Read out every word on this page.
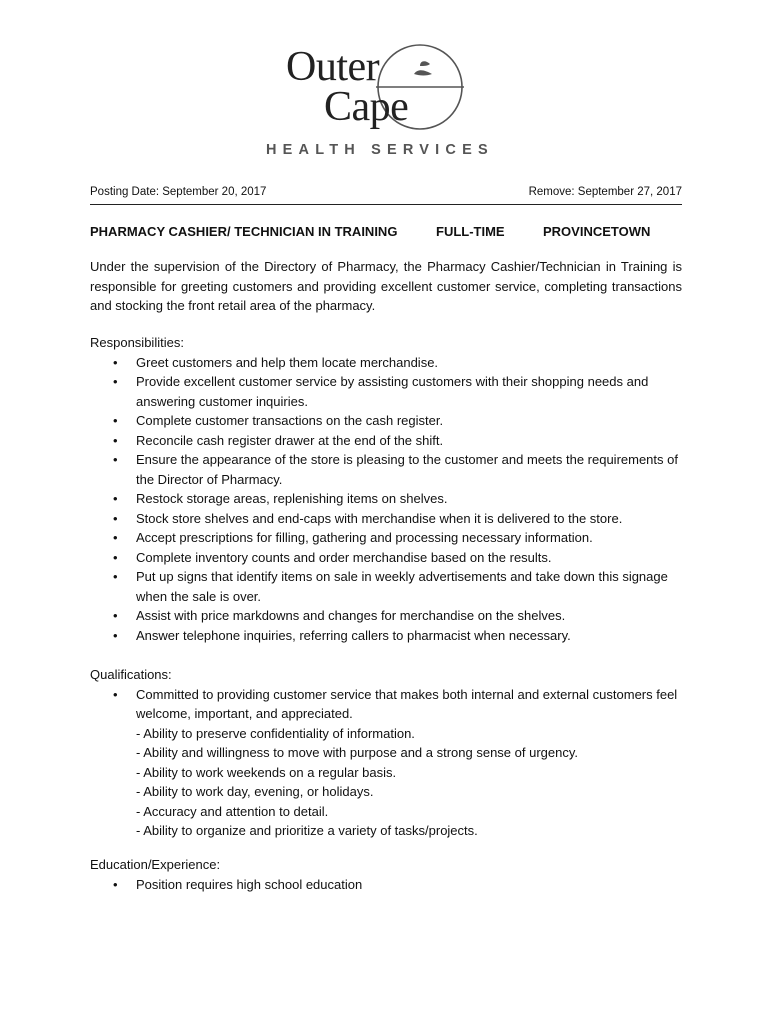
Outer
Cape
HEALTH SERVICES
Posting Date: September 20, 2017	Remove: September 27, 2017
PHARMACY CASHIER/ TECHNICIAN IN TRAINING	FULL-TIME	PROVINCETOWN

Under the supervision of the Directory of Pharmacy, the Pharmacy Cashier/Technician in Training is responsible for greeting customers and providing excellent customer service, completing transactions and stocking the front retail area of the pharmacy.

Responsibilities:

• Greet customers and help them locate merchandise.
• Provide excellent customer service by assisting customers with their shopping needs and answering customer inquiries.
• Complete customer transactions on the cash register.
• Reconcile cash register drawer at the end of the shift.
• Ensure the appearance of the store is pleasing to the customer and meets the requirements of the Director of Pharmacy.
• Restock storage areas, replenishing items on shelves.
• Stock store shelves and end-caps with merchandise when it is delivered to the store.
• Accept prescriptions for filling, gathering and processing necessary information.
• Complete inventory counts and order merchandise based on the results.
• Put up signs that identify items on sale in weekly advertisements and take down this signage when the sale is over.
• Assist with price markdowns and changes for merchandise on the shelves.
• Answer telephone inquiries, referring callers to pharmacist when necessary.

Qualifications:

• Committed to providing customer service that makes both internal and external customers feel welcome, important, and appreciated.
- Ability to preserve confidentiality of information.
- Ability and willingness to move with purpose and a strong sense of urgency.
- Ability to work weekends on a regular basis.
- Ability to work day, evening, or holidays.
- Accuracy and attention to detail.
- Ability to organize and prioritize a variety of tasks/projects.

Education/Experience:

• Position requires high school education
